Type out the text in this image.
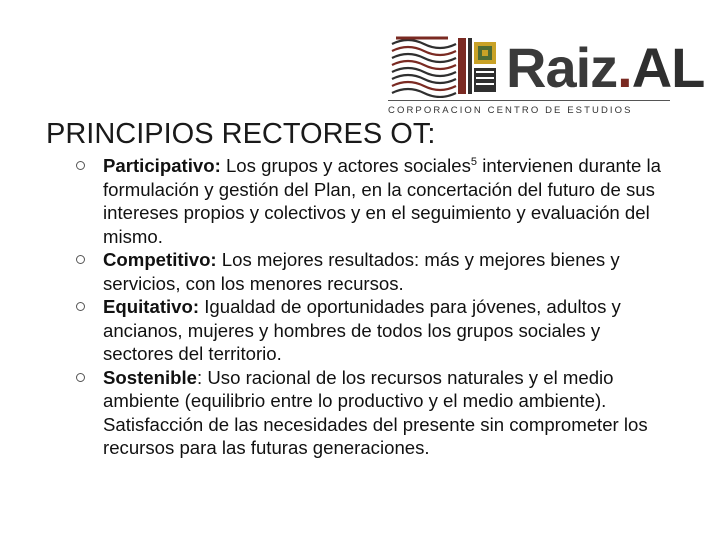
Raiz.AL
CORPORACION CENTRO DE ESTUDIOS
PRINCIPIOS RECTORES OT:
Participativo: Los grupos y actores sociales$^5$ intervienen durante la formulación y gestión del Plan, en la concertación del futuro de sus intereses propios y colectivos y en el seguimiento y evaluación del mismo.
Competitivo: Los mejores resultados: más y mejores bienes y servicios, con los menores recursos.
Equitativo: Igualdad de oportunidades para jóvenes, adultos y ancianos, mujeres y hombres de todos los grupos sociales y sectores del territorio.
Sostenible: Uso racional de los recursos naturales y el medio ambiente (equilibrio entre lo productivo y el medio ambiente). Satisfacción de las necesidades del presente sin comprometer los recursos para las futuras generaciones.
